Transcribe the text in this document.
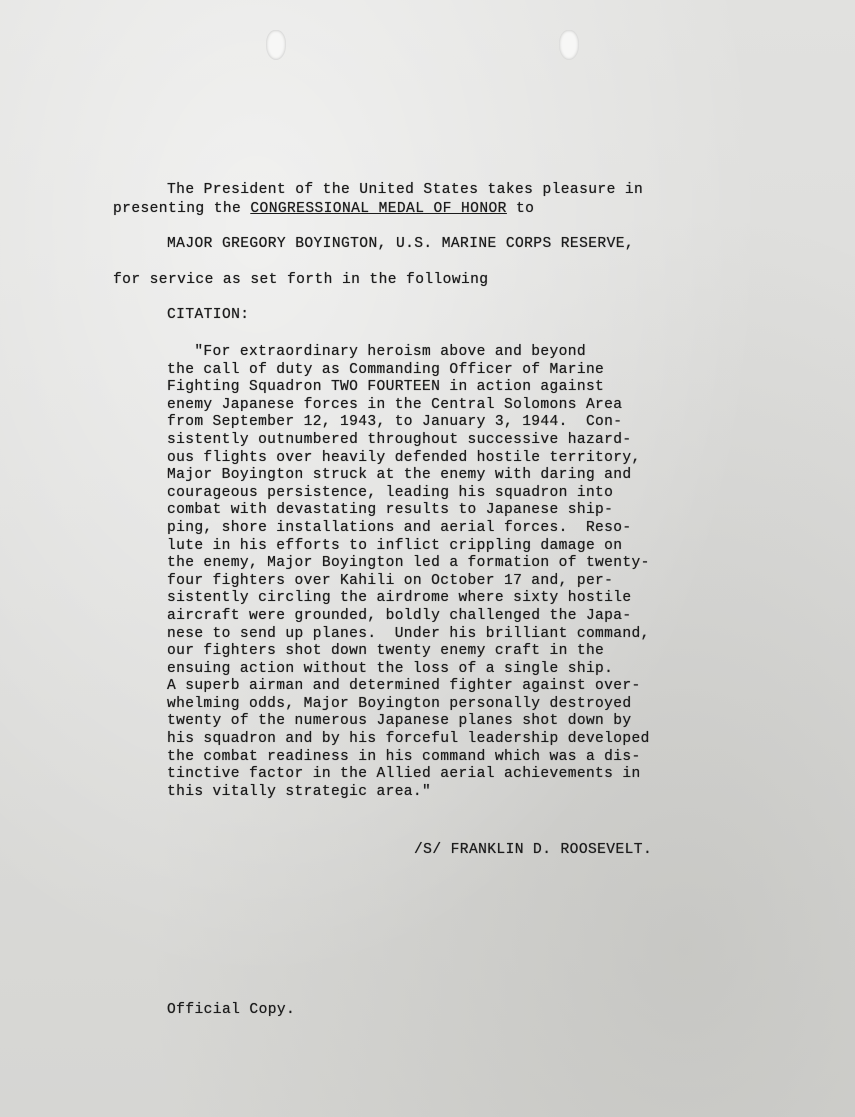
The President of the United States takes pleasure in
presenting the CONGRESSIONAL MEDAL OF HONOR to
MAJOR GREGORY BOYINGTON, U.S. MARINE CORPS RESERVE,
for service as set forth in the following
CITATION:
"For extraordinary heroism above and beyond
the call of duty as Commanding Officer of Marine
Fighting Squadron TWO FOURTEEN in action against
enemy Japanese forces in the Central Solomons Area
from September 12, 1943, to January 3, 1944.  Con-
sistently outnumbered throughout successive hazard-
ous flights over heavily defended hostile territory,
Major Boyington struck at the enemy with daring and
courageous persistence, leading his squadron into
combat with devastating results to Japanese ship-
ping, shore installations and aerial forces.  Reso-
lute in his efforts to inflict crippling damage on
the enemy, Major Boyington led a formation of twenty-
four fighters over Kahili on October 17 and, per-
sistently circling the airdrome where sixty hostile
aircraft were grounded, boldly challenged the Japa-
nese to send up planes.  Under his brilliant command,
our fighters shot down twenty enemy craft in the
ensuing action without the loss of a single ship.
A superb airman and determined fighter against over-
whelming odds, Major Boyington personally destroyed
twenty of the numerous Japanese planes shot down by
his squadron and by his forceful leadership developed
the combat readiness in his command which was a dis-
tinctive factor in the Allied aerial achievements in
this vitally strategic area."
/S/ FRANKLIN D. ROOSEVELT.
Official Copy.
